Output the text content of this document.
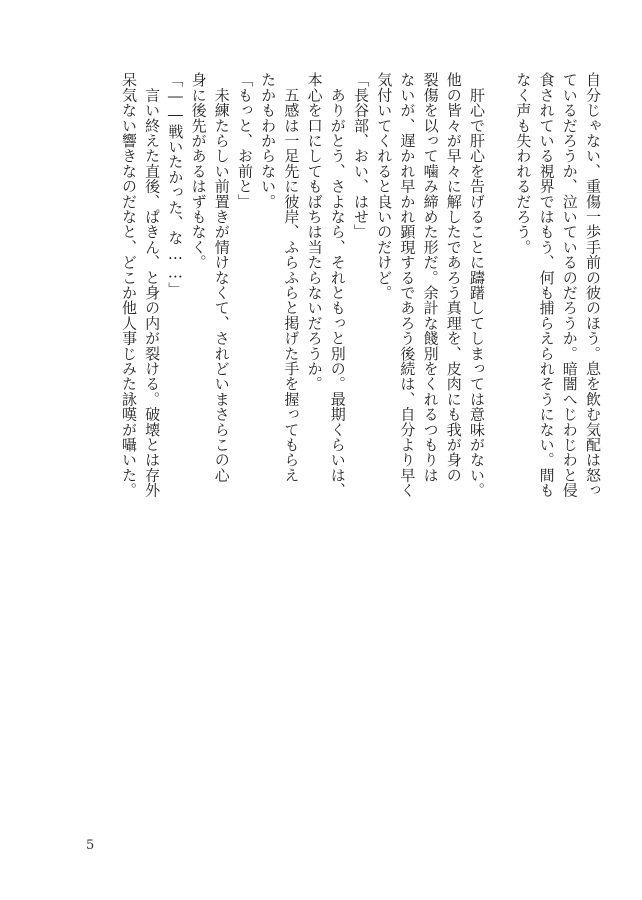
自分じゃない、重傷一歩手前の彼のほう。息を飲む気配は怒っ
ているだろうか、泣いているのだろうか。暗闇へじわじわと侵
食されている視界ではもう、何も捕らえられそうにない。間も
なく声も失われるだろう。
　肝心で肝心を告げることに躊躇してしまっては意味がない。
他の皆々が早々に解したであろう真理を、皮肉にも我が身の
裂傷を以って噛み締めた形だ。余計な餞別をくれるつもりは
ないが、遅かれ早かれ顕現するであろう後続は、自分より早く
気付いてくれると良いのだけど。
「長谷部、おい、はせ」
　ありがとう、さよなら、それともっと別の。最期くらいは、
本心を口にしてもばちは当たらないだろうか。
　五感は一足先に彼岸、ふらふらと掲げた手を握ってもらえ
たかもわからない。
「もっと、お前と」
　未練たらしい前置きが情けなくて、されどいまさらこの心
身に後先があるはずもなく。
「――戦いたかった、な……」
　言い終えた直後、ぱきん、と身の内が裂ける。破壊とは存外
呆気ない響きなのだなと、どこか他人事じみた詠嘆が囁いた。
5
